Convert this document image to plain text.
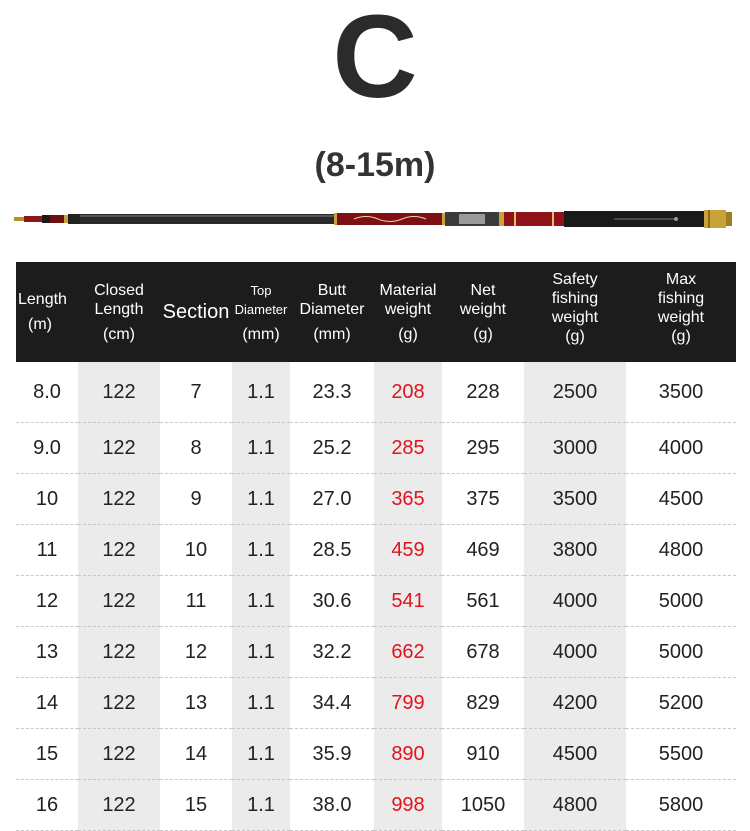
C
(8-15m)
Length
(m)	Closed
Length
(cm)	Section	Top
Diameter
(mm)	Butt
Diameter
(mm)	Material
weight
(g)	Net
weight
(g)	Safety
fishing
weight
(g)	Max
fishing
weight
(g)

8.0	122	7	1.1	23.3	208	228	2500	3500
9.0	122	8	1.1	25.2	285	295	3000	4000
10	122	9	1.1	27.0	365	375	3500	4500
11	122	10	1.1	28.5	459	469	3800	4800
12	122	11	1.1	30.6	541	561	4000	5000
13	122	12	1.1	32.2	662	678	4000	5000
14	122	13	1.1	34.4	799	829	4200	5200
15	122	14	1.1	35.9	890	910	4500	5500
16	122	15	1.1	38.0	998	1050	4800	5800
